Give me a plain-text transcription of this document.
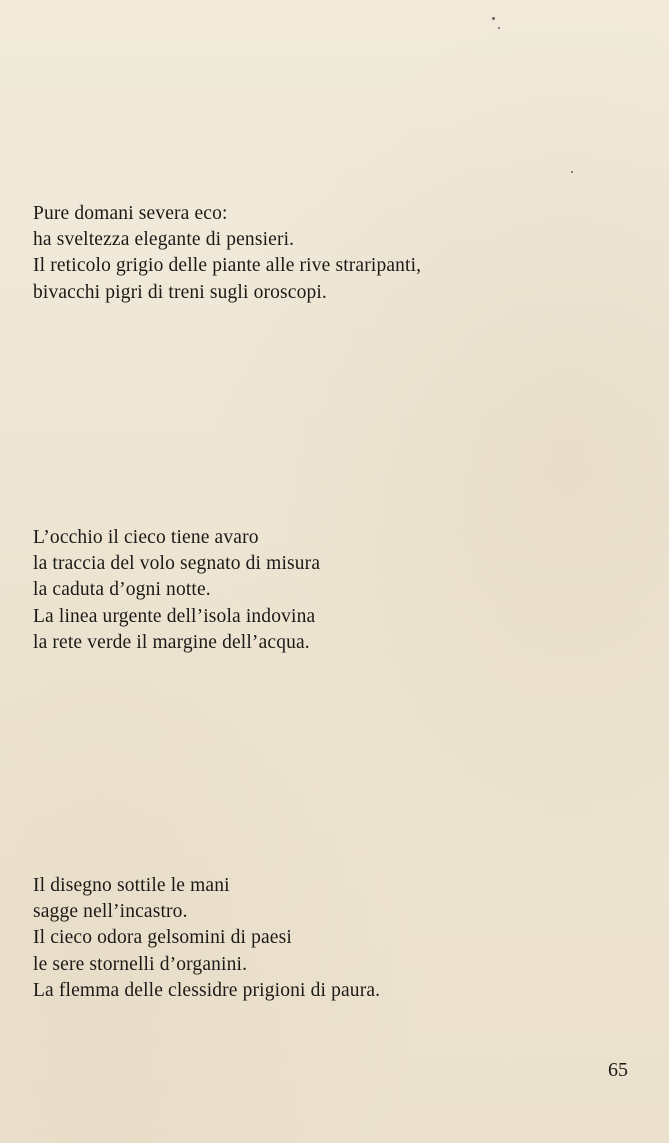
Pure domani severa eco:
ha sveltezza elegante di pensieri.
Il reticolo grigio delle piante alle rive straripanti,
bivacchi pigri di treni sugli oroscopi.
L’occhio il cieco tiene avaro
la traccia del volo segnato di misura
la caduta d’ogni notte.
La linea urgente dell’isola indovina
la rete verde il margine dell’acqua.
Il disegno sottile le mani
sagge nell’incastro.
Il cieco odora gelsomini di paesi
le sere stornelli d’organini.
La flemma delle clessidre prigioni di paura.
65
